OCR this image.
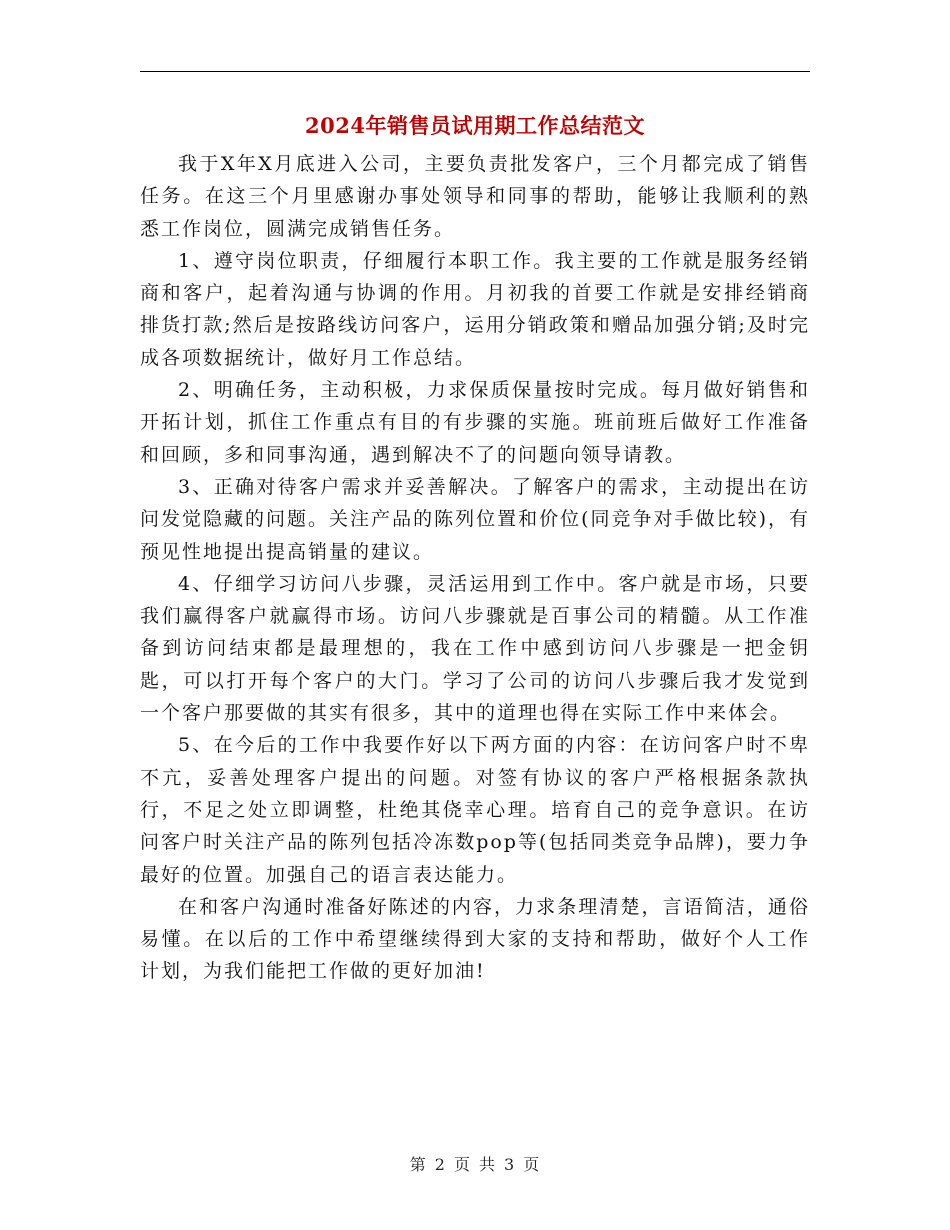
2024年销售员试用期工作总结范文

我于X年X月底进入公司，主要负责批发客户，三个月都完成了销售任务。在这三个月里感谢办事处领导和同事的帮助，能够让我顺利的熟悉工作岗位，圆满完成销售任务。

1、遵守岗位职责，仔细履行本职工作。我主要的工作就是服务经销商和客户，起着沟通与协调的作用。月初我的首要工作就是安排经销商排货打款;然后是按路线访问客户，运用分销政策和赠品加强分销;及时完成各项数据统计，做好月工作总结。

2、明确任务，主动积极，力求保质保量按时完成。每月做好销售和开拓计划，抓住工作重点有目的有步骤的实施。班前班后做好工作准备和回顾，多和同事沟通，遇到解决不了的问题向领导请教。

3、正确对待客户需求并妥善解决。了解客户的需求，主动提出在访问发觉隐藏的问题。关注产品的陈列位置和价位(同竞争对手做比较)，有预见性地提出提高销量的建议。

4、仔细学习访问八步骤，灵活运用到工作中。客户就是市场，只要我们赢得客户就赢得市场。访问八步骤就是百事公司的精髓。从工作准备到访问结束都是最理想的，我在工作中感到访问八步骤是一把金钥匙，可以打开每个客户的大门。学习了公司的访问八步骤后我才发觉到一个客户那要做的其实有很多，其中的道理也得在实际工作中来体会。

5、在今后的工作中我要作好以下两方面的内容：在访问客户时不卑不亢，妥善处理客户提出的问题。对签有协议的客户严格根据条款执行，不足之处立即调整，杜绝其侥幸心理。培育自己的竞争意识。在访问客户时关注产品的陈列包括冷冻数pop等(包括同类竞争品牌)，要力争最好的位置。加强自己的语言表达能力。

在和客户沟通时准备好陈述的内容，力求条理清楚，言语简洁，通俗易懂。在以后的工作中希望继续得到大家的支持和帮助，做好个人工作计划，为我们能把工作做的更好加油!

第 2 页 共 3 页
